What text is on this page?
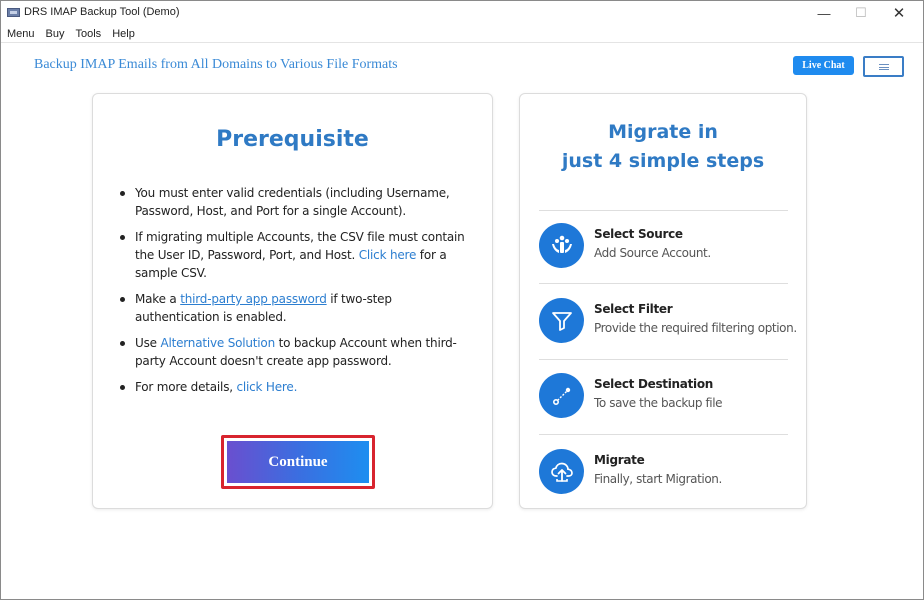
DRS IMAP Backup Tool (Demo)	—	☐	✕
Menu Buy Tools Help
Backup IMAP Emails from All Domains to Various File Formats	Live Chat
Prerequisite
You must enter valid credentials (including Username, Password, Host, and Port for a single Account).
If migrating multiple Accounts, the CSV file must contain the User ID, Password, Port, and Host. Click here for a sample CSV.
Make a third-party app password if two-step authentication is enabled.
Use Alternative Solution to backup Account when third-party Account doesn't create app password.
For more details, click Here.
Continue
Migrate in
just 4 simple steps
Select Source
Add Source Account.
Select Filter
Provide the required filtering option.
Select Destination
To save the backup file
Migrate
Finally, start Migration.
